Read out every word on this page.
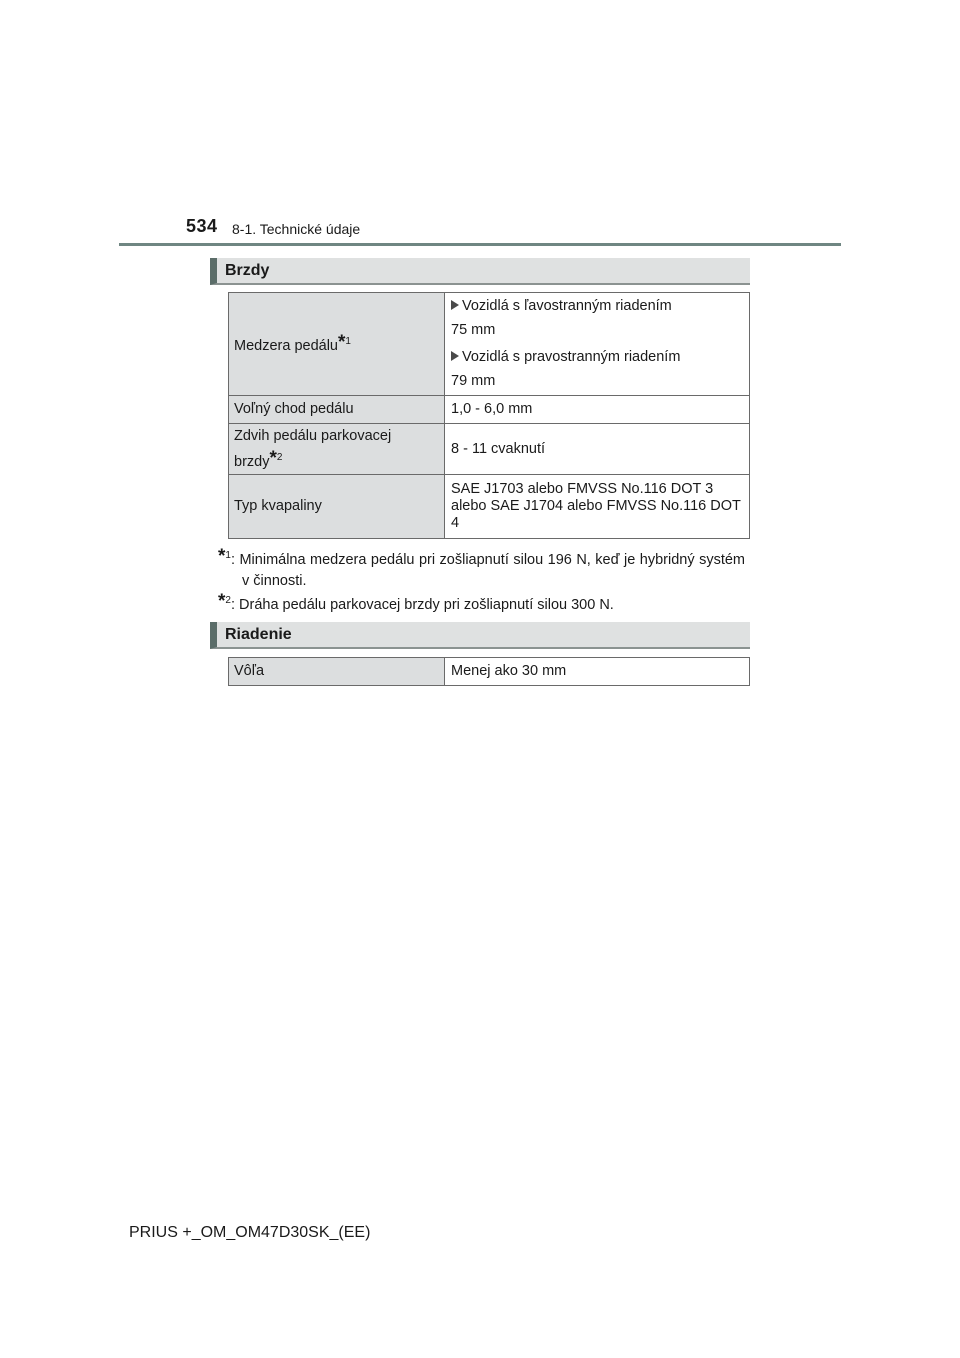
534 8-1. Technické údaje
Brzdy
Medzera pedálu*$^1$	Vozidlá s ľavostranným riadením
75 mm
Vozidlá s pravostranným riadením
79 mm

Voľný chod pedálu	1,0 - 6,0 mm

Zdvih pedálu parkovacej
brzdy*$^2$	8 - 11 cvaknutí
Typ kvapaliny	SAE J1703 alebo FMVSS No.116 DOT 3 alebo SAE J1704 alebo FMVSS No.116 DOT 4
*$^1$: Minimálna medzera pedálu pri zošliapnutí silou 196 N, keď je hybridný systém v činnosti.
*$^2$: Dráha pedálu parkovacej brzdy pri zošliapnutí silou 300 N.
Riadenie
Vôľa	Menej ako 30 mm
PRIUS +_OM_OM47D30SK_(EE)
